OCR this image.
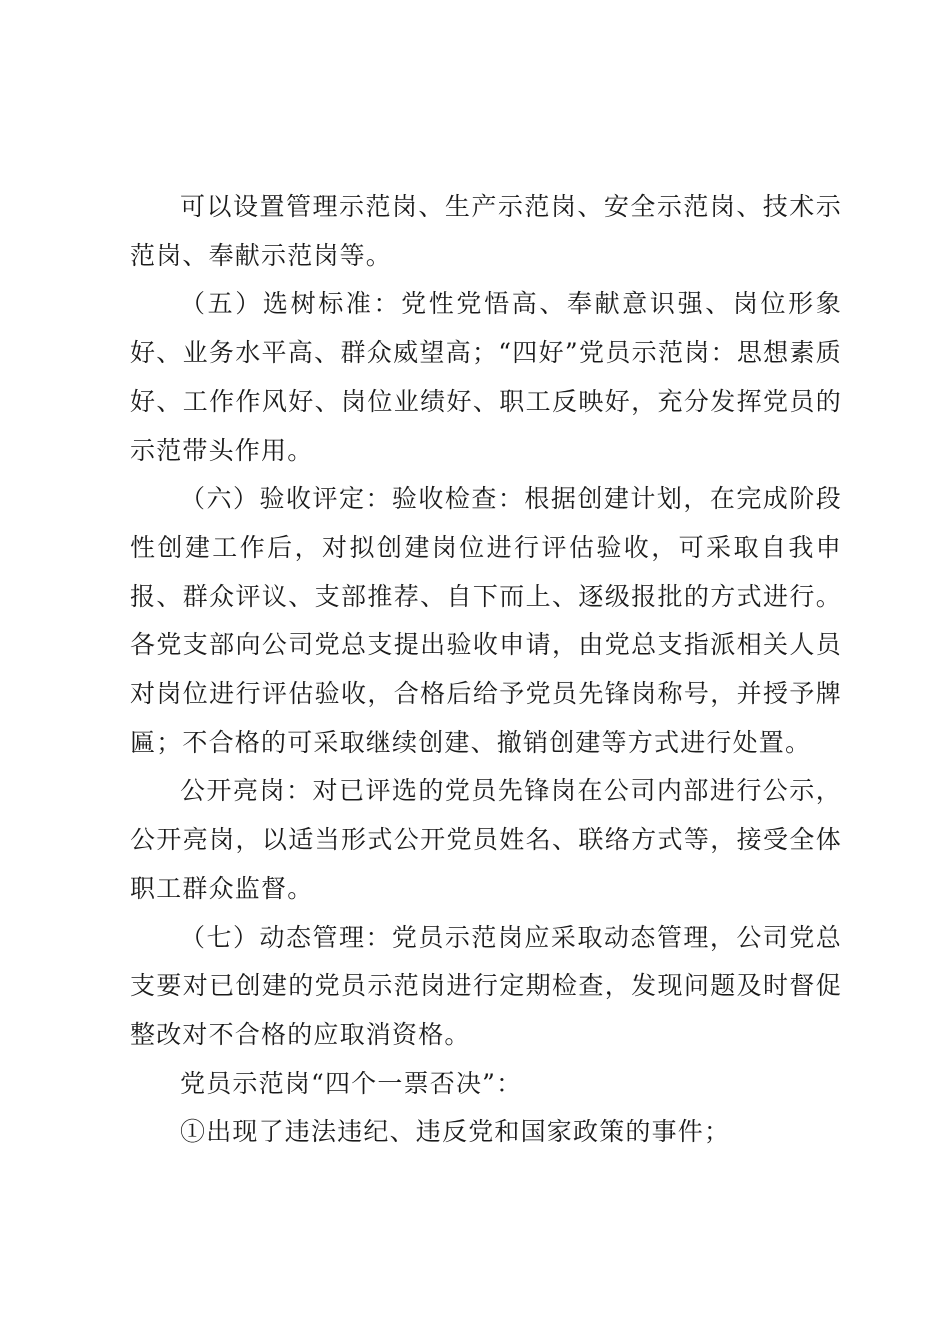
可以设置管理示范岗、生产示范岗、安全示范岗、技术示范岗、奉献示范岗等。

（五）选树标准：党性党悟高、奉献意识强、岗位形象好、业务水平高、群众威望高；“四好”党员示范岗：思想素质好、工作作风好、岗位业绩好、职工反映好，充分发挥党员的示范带头作用。

（六）验收评定：验收检查：根据创建计划，在完成阶段性创建工作后，对拟创建岗位进行评估验收，可采取自我申报、群众评议、支部推荐、自下而上、逐级报批的方式进行。各党支部向公司党总支提出验收申请，由党总支指派相关人员对岗位进行评估验收，合格后给予党员先锋岗称号，并授予牌匾；不合格的可采取继续创建、撤销创建等方式进行处置。

公开亮岗：对已评选的党员先锋岗在公司内部进行公示，公开亮岗，以适当形式公开党员姓名、联络方式等，接受全体职工群众监督。

（七）动态管理：党员示范岗应采取动态管理，公司党总支要对已创建的党员示范岗进行定期检查，发现问题及时督促整改对不合格的应取消资格。

党员示范岗“四个一票否决”：

①出现了违法违纪、违反党和国家政策的事件；
